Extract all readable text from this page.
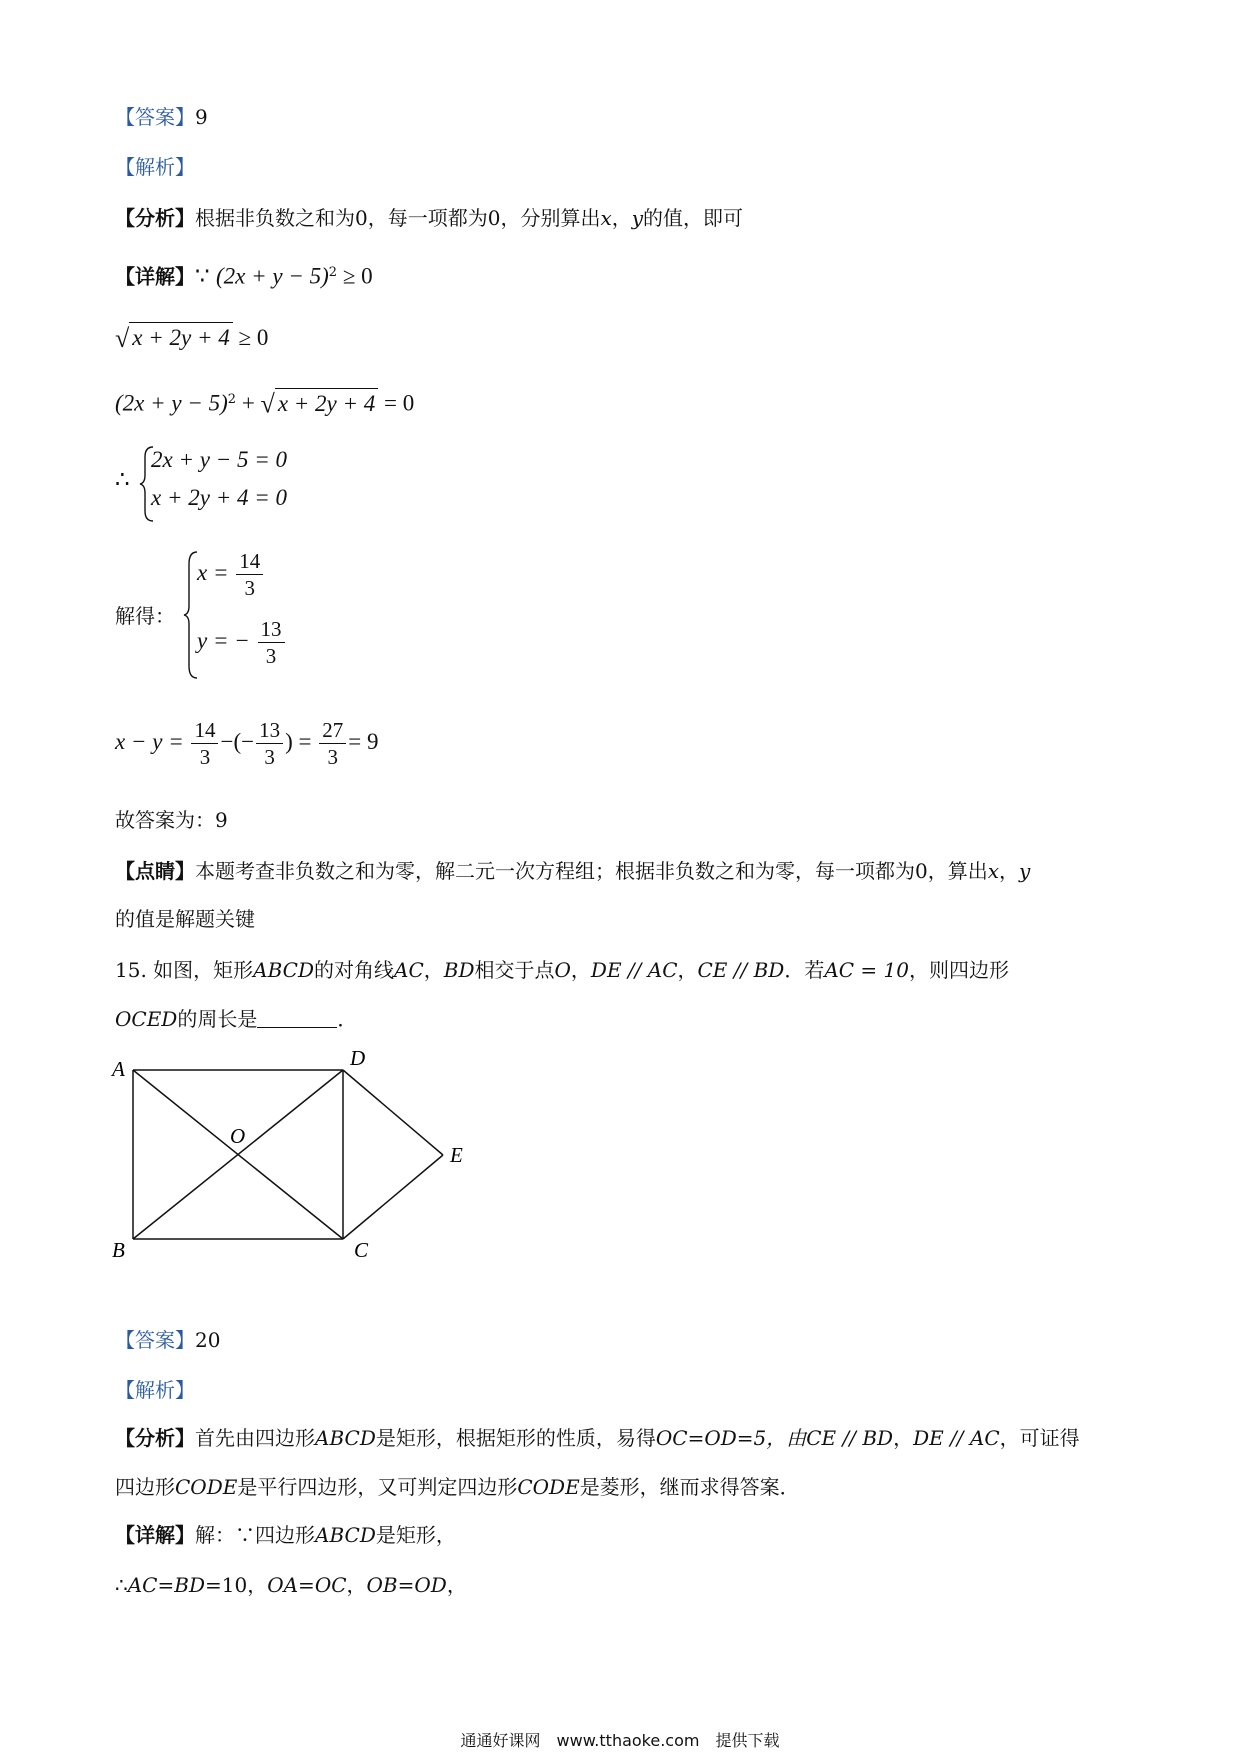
【答案】9
【解析】
【分析】根据非负数之和为0，每一项都为0，分别算出x，y的值，即可
【详解】∵ $(2x + y - 5)^2 \ge 0$
√ x + 2y + 4 ≥ 0
$(2x + y - 5)^2$ + √ x + 2y + 4 = 0
∴
2x + y − 5 = 0
x + 2y + 4 = 0
解得：
$x = \frac{14}{3}$
y = − $\frac{13}{3}$
$x - y = \frac{14}{3}$ −(− $\frac{13}{3}$ ) = $\frac{27}{3} = 9$
故答案为：9
【点睛】本题考查非负数之和为零，解二元一次方程组；根据非负数之和为零，每一项都为0，算出x，y
的值是解题关键
15. 如图，矩形ABCD的对角线AC，BD相交于点O，DE // AC，CE // BD．若AC = 10，则四边形
OCED的周长是	．
A
B	C
D
E
O
【答案】20
【解析】
【分析】首先由四边形ABCD是矩形，根据矩形的性质，易得OC=OD=5，由CE // BD，DE // AC，可证得
四边形CODE是平行四边形，又可判定四边形CODE是菱形，继而求得答案．
【详解】解：∵四边形ABCD是矩形，
∴AC=BD=10，OA=OC，OB=OD，
通通好课网　www.tthaoke.com　提供下载
